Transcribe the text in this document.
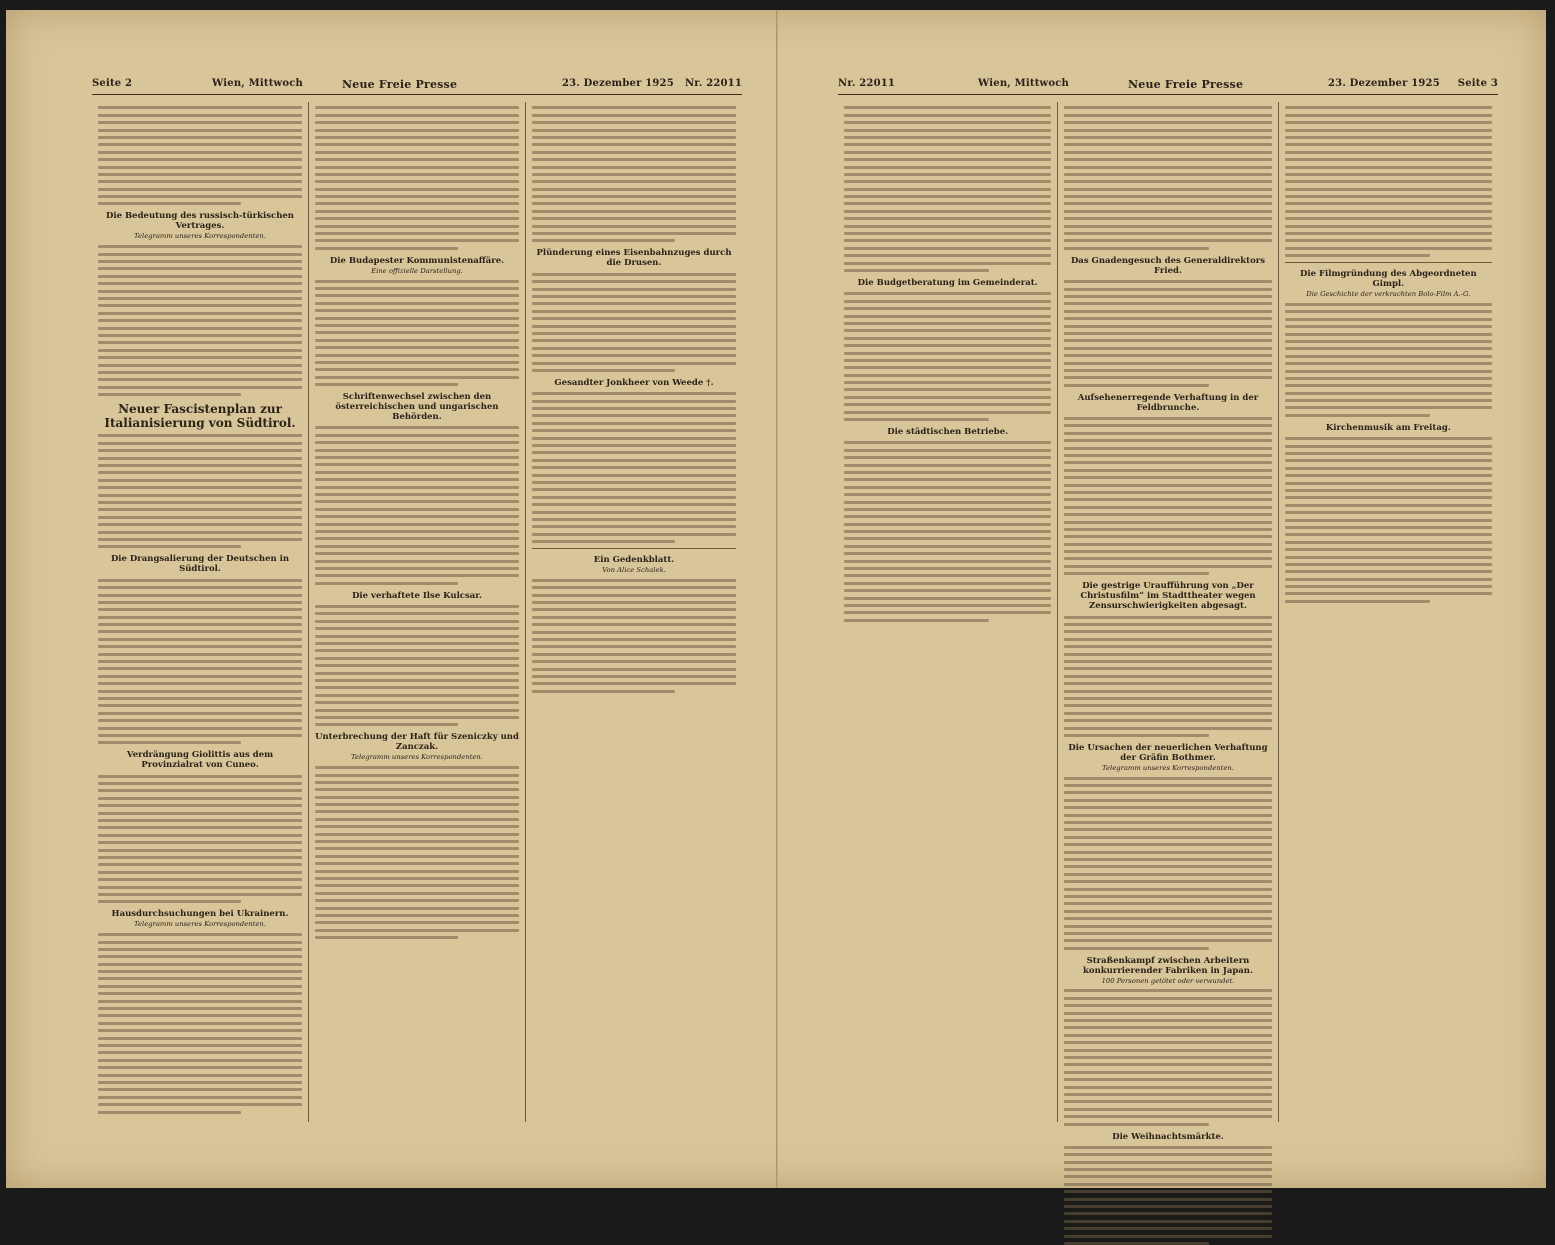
Seite 2	Wien, Mittwoch	Neue Freie Presse	23. Dezember 1925 Nr. 22011
Die Bedeutung des russisch-türkischen Vertrages.
Telegramm unseres Korrespondenten.
Neuer Fascistenplan zur Italianisierung von Südtirol.
Die Drangsalierung der Deutschen in Südtirol.
Verdrängung Giolittis aus dem Provinzialrat von Cuneo.
Hausdurchsuchungen bei Ukrainern.
Telegramm unseres Korrespondenten.
Die Budapester Kommunistenaffäre.
Eine offizielle Darstellung.
Schriftenwechsel zwischen den österreichischen und ungarischen Behörden.
Die verhaftete Ilse Kulcsar.
Unterbrechung der Haft für Szeniczky und Zanczak.
Telegramm unseres Korrespondenten.
Plünderung eines Eisenbahnzuges durch die Drusen.
Gesandter Jonkheer von Weede †.
Ein Gedenkblatt.
Von Alice Schalek.
Nr. 22011	Wien, Mittwoch	Neue Freie Presse	23. Dezember 1925 Seite 3
Die Budgetberatung im Gemeinderat.
Die städtischen Betriebe.
Das Gnadengesuch des Generaldirektors Fried.
Aufsehenerregende Verhaftung in der Feldbrunche.
Die gestrige Uraufführung von „Der Christusfilm“ im Stadttheater wegen Zensurschwierigkeiten abgesagt.
Die Ursachen der neuerlichen Verhaftung der Gräfin Bothmer.
Telegramm unseres Korrespondenten.
Straßenkampf zwischen Arbeitern konkurrierender Fabriken in Japan.
100 Personen getötet oder verwundet.
Die Weihnachtsmärkte.
Die Filmgründung des Abgeordneten Gimpl.
Die Geschichte der verkrachten Bolo-Film A.-G.
Kirchenmusik am Freitag.
